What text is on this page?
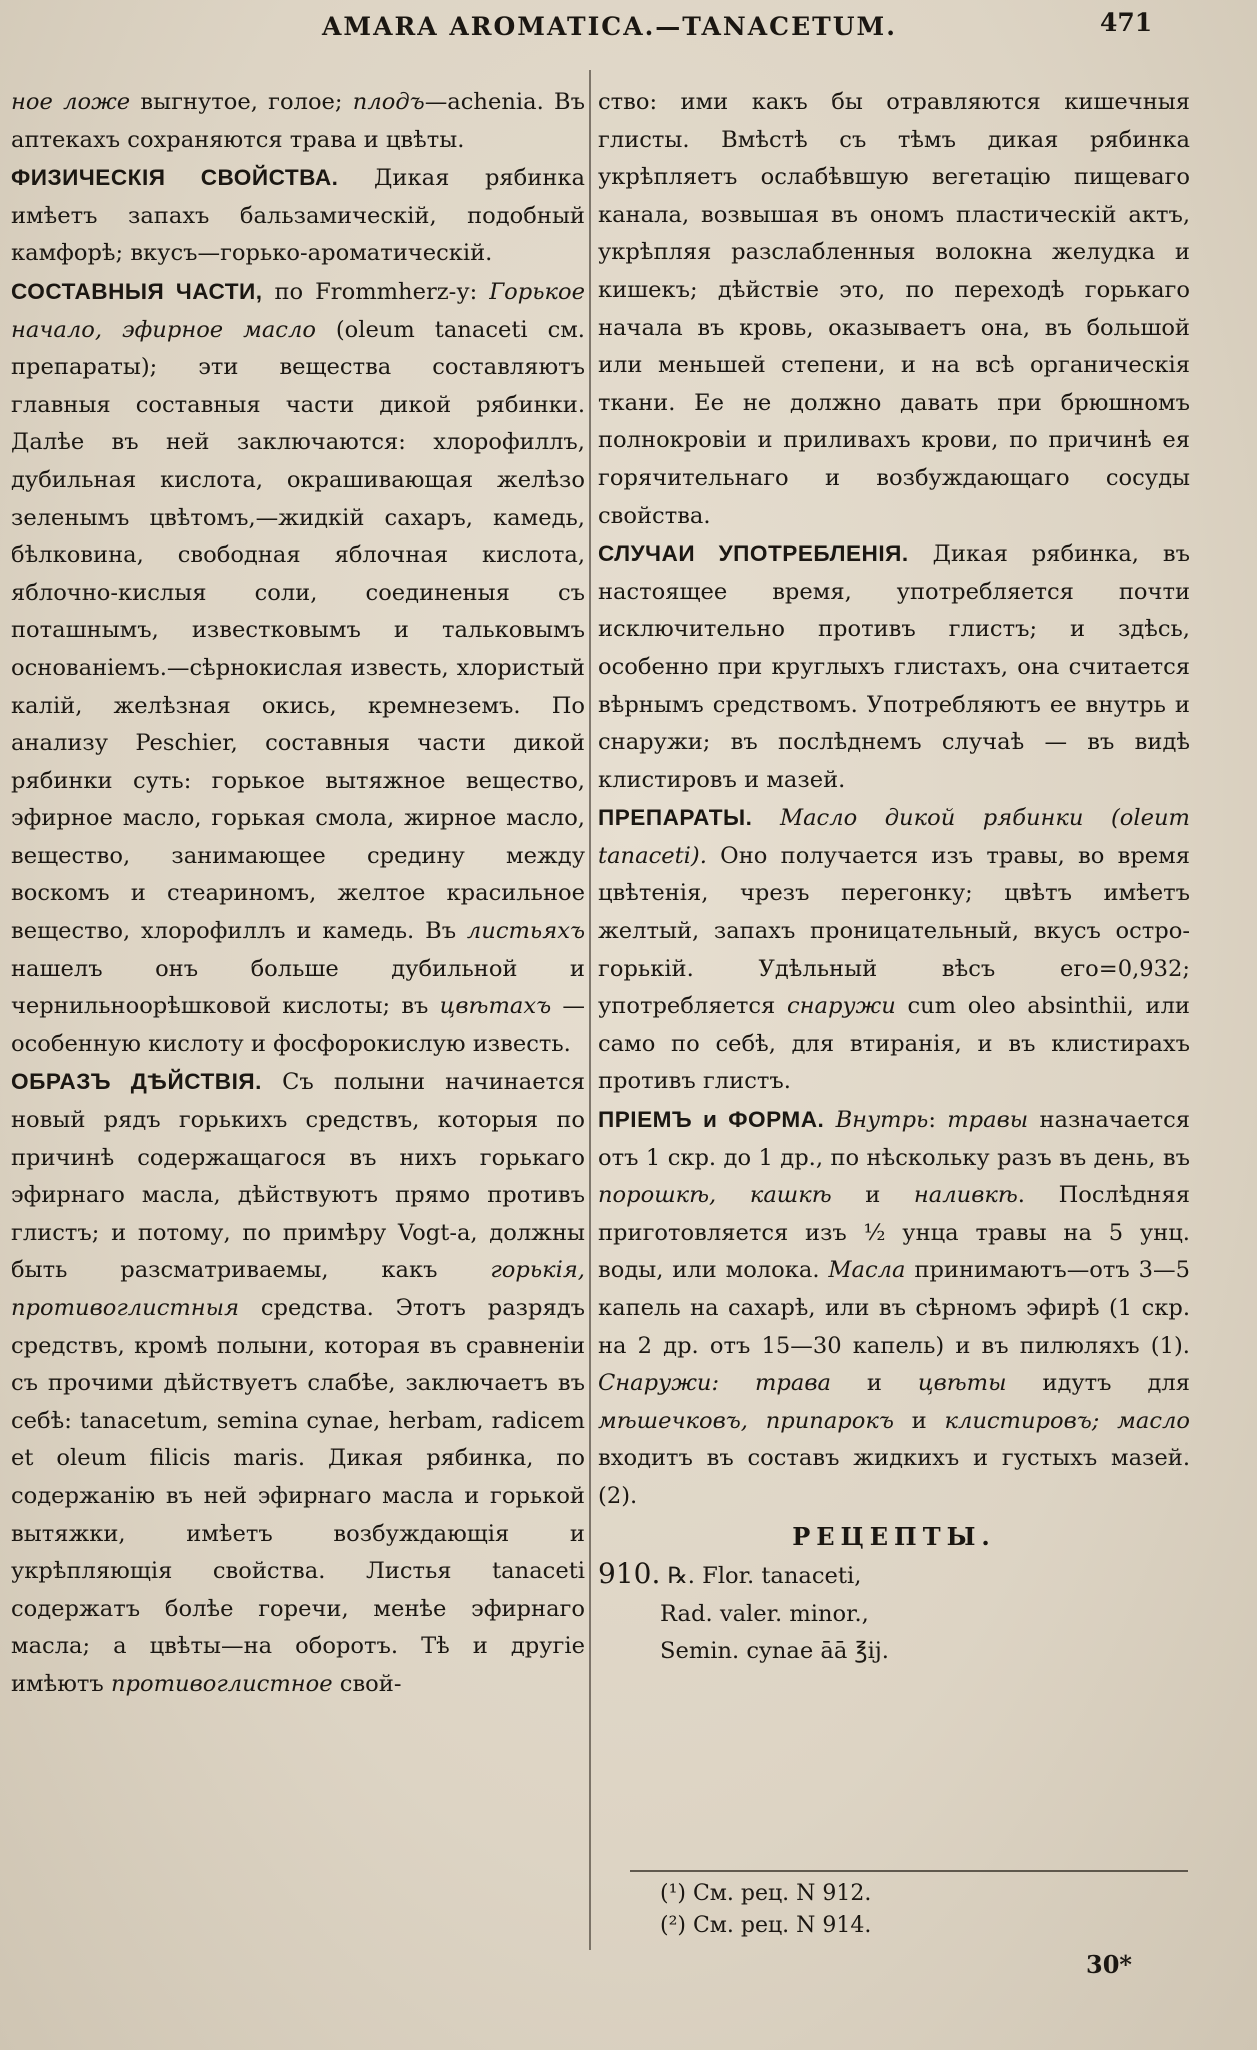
AMARA AROMATICA.—TANACETUM.	471

ное ложе выгнутое, голое; плодъ—achenia. Въ аптекахъ сохраняются трава и цвѣты.

ФИЗИЧЕСКІЯ СВОЙСТВА. Дикая рябинка имѣетъ запахъ бальзамическій, подобный камфорѣ; вкусъ—горько-ароматическій.

СОСТАВНЫЯ ЧАСТИ, по Frommherz-у: Горькое начало, эфирное масло (oleum tanaceti см. препараты); эти вещества составляютъ главныя составныя части дикой рябинки. Далѣе въ ней заключаются: хлорофиллъ, дубильная кислота, окрашивающая желѣзо зеленымъ цвѣтомъ,—жидкій сахаръ, камедь, бѣлковина, свободная яблочная кислота, яблочно-кислыя соли, соединеныя съ поташнымъ, известковымъ и тальковымъ основаніемъ.—сѣрнокислая известь, хлористый калій, желѣзная окись, кремнеземъ. По анализу Peschier, составныя части дикой рябинки суть: горькое вытяжное вещество, эфирное масло, горькая смола, жирное масло, вещество, занимающее средину между воскомъ и стеариномъ, желтое красильное вещество, хлорофиллъ и камедь. Въ листьяхъ нашелъ онъ больше дубильной и чернильноорѣшковой кислоты; въ цвѣтахъ — особенную кислоту и фосфорокислую известь.

ОБРАЗЪ ДѢЙСТВІЯ. Съ полыни начинается новый рядъ горькихъ средствъ, которыя по причинѣ содержащагося въ нихъ горькаго эфирнаго масла, дѣйствуютъ прямо противъ глистъ; и потому, по примѣру Vogt-а, должны быть разсматриваемы, какъ горькія, противоглистныя средства. Этотъ разрядъ средствъ, кромѣ полыни, которая въ сравненіи съ прочими дѣйствуетъ слабѣе, заключаетъ въ себѣ: tanacetum, semina cynae, herbam, radicem et oleum filicis maris. Дикая рябинка, по содержанію въ ней эфирнаго масла и горькой вытяжки, имѣетъ возбуждающія и укрѣпляющія свойства. Листья tanaceti содержатъ болѣе горечи, менѣе эфирнаго масла; а цвѣты—на оборотъ. Тѣ и другіе имѣютъ противоглистное свой-

ство: ими какъ бы отравляются кишечныя глисты. Вмѣстѣ съ тѣмъ дикая рябинка укрѣпляетъ ослабѣвшую вегетацію пищеваго канала, возвышая въ ономъ пластическій актъ, укрѣпляя разслабленныя волокна желудка и кишекъ; дѣйствіе это, по переходѣ горькаго начала въ кровь, оказываетъ она, въ большой или меньшей степени, и на всѣ органическія ткани. Ее не должно давать при брюшномъ полнокровіи и приливахъ крови, по причинѣ ея горячительнаго и возбуждающаго сосуды свойства.

СЛУЧАИ УПОТРЕБЛЕНІЯ. Дикая рябинка, въ настоящее время, употребляется почти исключительно противъ глистъ; и здѣсь, особенно при круглыхъ глистахъ, она считается вѣрнымъ средствомъ. Употребляютъ ее внутрь и снаружи; въ послѣднемъ случаѣ — въ видѣ клистировъ и мазей.

ПРЕПАРАТЫ. Масло дикой рябинки (oleum tanaceti). Оно получается изъ травы, во время цвѣтенія, чрезъ перегонку; цвѣтъ имѣетъ желтый, запахъ проницательный, вкусъ остро-горькій. Удѣльный вѣсъ его=0,932; употребляется снаружи cum oleo absinthii, или само по себѣ, для втиранія, и въ клистирахъ противъ глистъ.

ПРІЕМЪ и ФОРМА. Внутрь: травы назначается отъ 1 скр. до 1 др., по нѣскольку разъ въ день, въ порошкѣ, кашкѣ и наливкѣ. Послѣдняя приготовляется изъ ½ унца травы на 5 унц. воды, или молока. Масла принимаютъ—отъ 3—5 капель на сахарѣ, или въ сѣрномъ эфирѣ (1 скр. на 2 др. отъ 15—30 капель) и въ пилюляхъ (1). Снаружи: трава и цвѣты идутъ для мѣшечковъ, припарокъ и клистировъ; масло входитъ въ составъ жидкихъ и густыхъ мазей. (2).

РЕЦЕПТЫ.
910. ℞. Flor. tanaceti,
Rad. valer. minor.,
Semin. cynae āā ℥ij.
(¹) См. рец. N 912.
(²) См. рец. N 914.
30*
